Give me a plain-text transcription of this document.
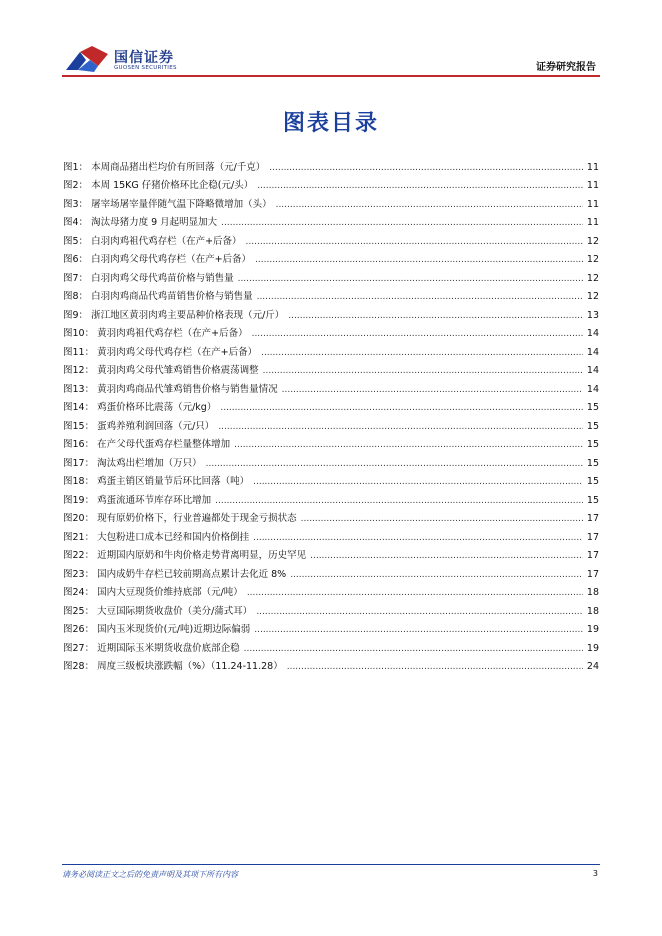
国信证券
GUOSEN SECURITIES	证券研究报告
图表目录
图1： 本周商品猪出栏均价有所回落（元/千克） .....	11
图2： 本周 15KG 仔猪价格环比企稳(元/头） .....	11
图3： 屠宰场屠宰量伴随气温下降略微增加（头） .....	11
图4： 淘汰母猪力度 9 月起明显加大 .....	11
图5： 白羽肉鸡祖代鸡存栏（在产+后备） .....	12
图6： 白羽肉鸡父母代鸡存栏（在产+后备） .....	12
图7： 白羽肉鸡父母代鸡苗价格与销售量 .....	12
图8： 白羽肉鸡商品代鸡苗销售价格与销售量 .....	12
图9： 浙江地区黄羽肉鸡主要品种价格表现（元/斤） .....	13
图10： 黄羽肉鸡祖代鸡存栏（在产+后备） .....	14
图11： 黄羽肉鸡父母代鸡存栏（在产+后备） .....	14
图12： 黄羽肉鸡父母代雏鸡销售价格震荡调整 .....	14
图13： 黄羽肉鸡商品代雏鸡销售价格与销售量情况 .....	14
图14： 鸡蛋价格环比震荡（元/kg） .....	15
图15： 蛋鸡养殖利润回落（元/只） .....	15
图16： 在产父母代蛋鸡存栏量整体增加 .....	15
图17： 淘汰鸡出栏增加（万只） .....	15
图18： 鸡蛋主销区销量节后环比回落（吨） .....	15
图19： 鸡蛋流通环节库存环比增加 .....	15
图20： 现有原奶价格下，行业普遍都处于现金亏损状态 .....	17
图21： 大包粉进口成本已经和国内价格倒挂 .....	17
图22： 近期国内原奶和牛肉价格走势背离明显，历史罕见 .....	17
图23： 国内成奶牛存栏已较前期高点累计去化近 8% .....	17
图24： 国内大豆现货价维持底部（元/吨） .....	18
图25： 大豆国际期货收盘价（美分/蒲式耳） .....	18
图26： 国内玉米现货价(元/吨)近期边际偏弱 .....	19
图27： 近期国际玉米期货收盘价底部企稳 .....	19
图28： 周度三级板块涨跌幅（%）（11.24-11.28） .....	24
请务必阅读正文之后的免责声明及其项下所有内容	3
